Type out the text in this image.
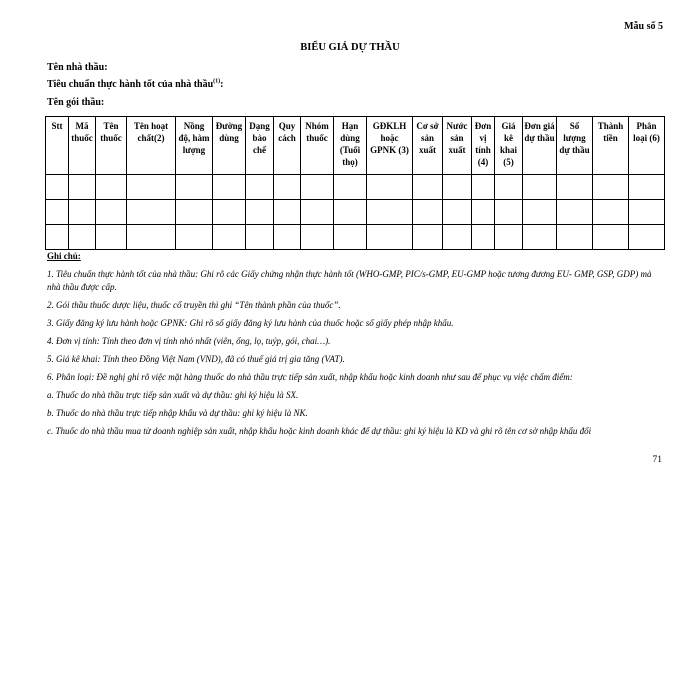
Mẫu số 5
BIỂU GIÁ DỰ THẦU
Tên nhà thầu:
Tiêu chuẩn thực hành tốt của nhà thầu$^{(1)}$:
Tên gói thầu:
Stt	Mã thuốc	Tên thuốc	Tên hoạt chất(2)	Nồng độ, hàm lượng	Đường dùng	Dạng bào chế	Quy cách	Nhóm thuốc	Hạn dùng (Tuổi thọ)	GĐKLH hoặc GPNK (3)	Cơ sở sản xuất	Nước sản xuất	Đơn vị tính (4)	Giá kê khai (5)	Đơn giá dự thầu	Số lượng dự thầu	Thành tiền	Phân loại (6)

Ghi chú:
1. Tiêu chuẩn thực hành tốt của nhà thầu: Ghi rõ các Giấy chứng nhận thực hành tốt (WHO-GMP, PIC/s-GMP, EU-GMP hoặc tương đương EU- GMP, GSP, GDP) mà nhà thầu được cấp.
2. Gói thầu thuốc dược liệu, thuốc cổ truyền thì ghi “Tên thành phần của thuốc”.
3. Giấy đăng ký lưu hành hoặc GPNK: Ghi rõ số giấy đăng ký lưu hành của thuốc hoặc số giấy phép nhập khẩu.
4. Đơn vị tính: Tính theo đơn vị tính nhỏ nhất (viên, ống, lọ, tuýp, gói, chai…).
5. Giá kê khai: Tính theo Đồng Việt Nam (VND), đã có thuế giá trị gia tăng (VAT).
6. Phân loại: Đề nghị ghi rõ việc mặt hàng thuốc do nhà thầu trực tiếp sản xuất, nhập khẩu hoặc kinh doanh như sau để phục vụ việc chấm điểm:
a. Thuốc do nhà thầu trực tiếp sản xuất và dự thầu: ghi ký hiệu là SX.
b. Thuốc do nhà thầu trực tiếp nhập khẩu và dự thầu: ghi ký hiệu là NK.
c. Thuốc do nhà thầu mua từ doanh nghiệp sản xuất, nhập khẩu hoặc kinh doanh khác để dự thầu: ghi ký hiệu là KD và ghi rõ tên cơ sở nhập khẩu đối
71
